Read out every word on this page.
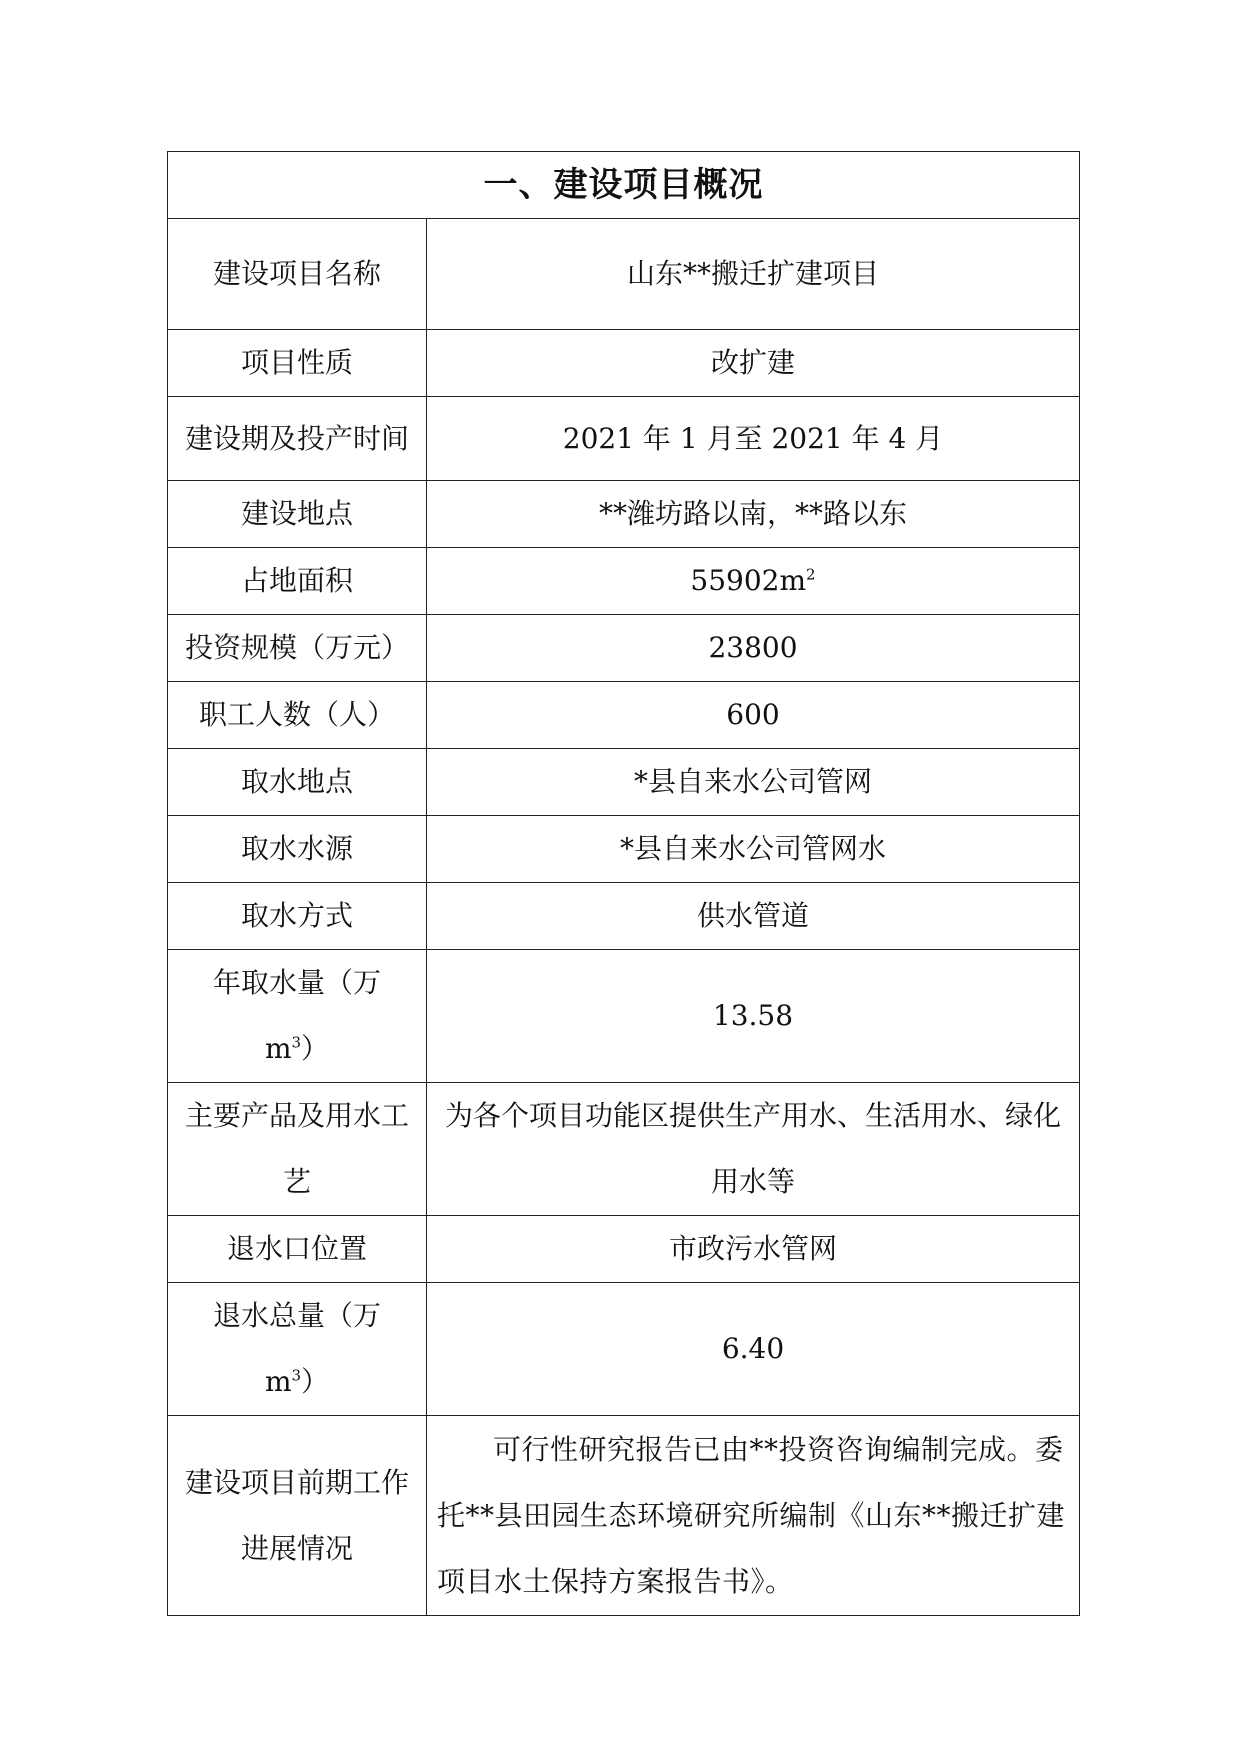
一、建设项目概况	
建设项目名称	山东**搬迁扩建项目
项目性质	改扩建
建设期及投产时间	2021 年 1 月至 2021 年 4 月
建设地点	**潍坊路以南，**路以东
占地面积	$55902m^2$
投资规模（万元）	23800
职工人数（人）	600
取水地点	*县自来水公司管网
取水水源	*县自来水公司管网水
取水方式	供水管道
年取水量（万 $m^3$）	13.58
主要产品及用水工艺	为各个项目功能区提供生产用水、生活用水、绿化用水等
退水口位置	市政污水管网
退水总量（万 $m^3$）	6.40
建设项目前期工作进展情况	可行性研究报告已由**投资咨询编制完成。委托**县田园生态环境研究所编制《山东**搬迁扩建项目水土保持方案报告书》。
